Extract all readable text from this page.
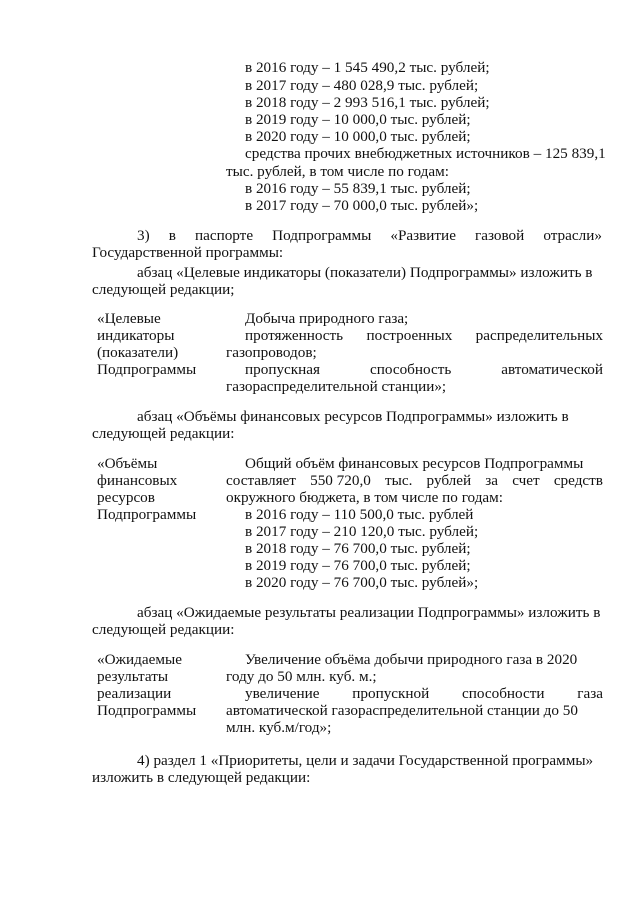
в 2016 году – 1 545 490,2 тыс. рублей;
в 2017 году – 480 028,9 тыс. рублей;
в 2018 году – 2 993 516,1 тыс. рублей;
в 2019 году – 10 000,0 тыс. рублей;
в 2020 году – 10 000,0 тыс. рублей;
средства прочих внебюджетных источников – 125 839,1
тыс. рублей, в том числе по годам:
в 2016 году – 55 839,1 тыс. рублей;
в 2017 году – 70 000,0 тыс. рублей»;
3) в паспорте Подпрограммы «Развитие газовой отрасли»
Государственной программы:
абзац «Целевые индикаторы (показатели) Подпрограммы» изложить в
следующей редакции;
«Целевые
индикаторы
(показатели)
Подпрограммы
Добыча природного газа;
протяженность построенных распределительных
газопроводов;
пропускная	способность	автоматической
газораспределительной станции»;
абзац «Объёмы финансовых ресурсов Подпрограммы» изложить в
следующей редакции:
«Объёмы
финансовых
ресурсов
Подпрограммы
Общий объём финансовых ресурсов Подпрограммы
составляет 550 720,0 тыс. рублей за счет средств
окружного бюджета, в том числе по годам:
в 2016 году – 110 500,0 тыс. рублей
в 2017 году – 210 120,0 тыс. рублей;
в 2018 году – 76 700,0 тыс. рублей;
в 2019 году – 76 700,0 тыс. рублей;
в 2020 году – 76 700,0 тыс. рублей»;
абзац «Ожидаемые результаты реализации Подпрограммы» изложить в
следующей редакции:
«Ожидаемые
результаты
реализации
Подпрограммы
Увеличение объёма добычи природного газа в 2020
году до 50 млн. куб. м.;
увеличение пропускной способности газа
автоматической газораспределительной станции до 50
млн. куб.м/год»;
4) раздел 1 «Приоритеты, цели и задачи Государственной программы»
изложить в следующей редакции:
